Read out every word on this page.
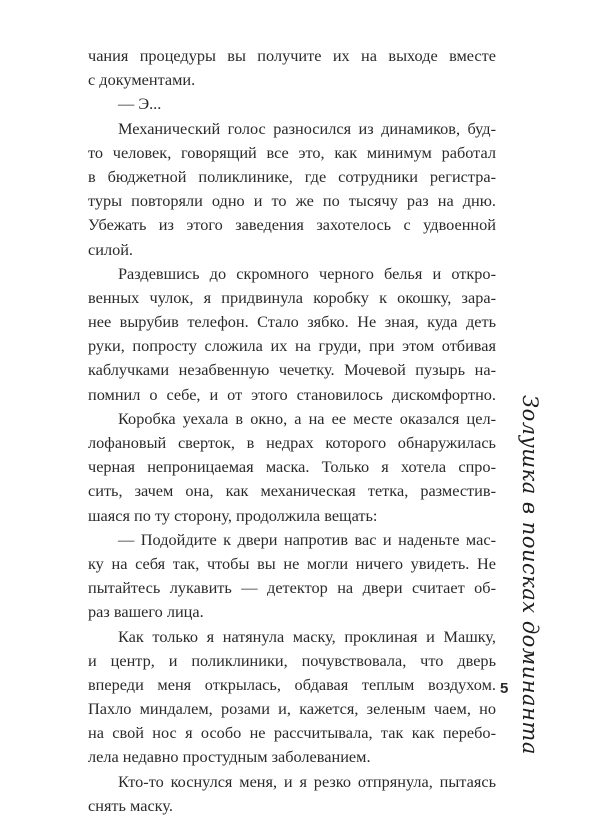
чания процедуры вы получите их на выходе вместе
с документами.
— Э...
Механический голос разносился из динамиков, буд-
то человек, говорящий все это, как минимум работал
в бюджетной поликлинике, где сотрудники регистра-
туры повторяли одно и то же по тысячу раз на дню.
Убежать из этого заведения захотелось с удвоенной
силой.
Раздевшись до скромного черного белья и откро-
венных чулок, я придвинула коробку к окошку, зара-
нее вырубив телефон. Стало зябко. Не зная, куда деть
руки, попросту сложила их на груди, при этом отбивая
каблучками незабвенную чечетку. Мочевой пузырь на-
помнил о себе, и от этого становилось дискомфортно.
Коробка уехала в окно, а на ее месте оказался цел-
лофановый сверток, в недрах которого обнаружилась
черная непроницаемая маска. Только я хотела спро-
сить, зачем она, как механическая тетка, разместив-
шаяся по ту сторону, продолжила вещать:
— Подойдите к двери напротив вас и наденьте мас-
ку на себя так, чтобы вы не могли ничего увидеть. Не
пытайтесь лукавить — детектор на двери считает об-
раз вашего лица.
Как только я натянула маску, проклиная и Машку,
и центр, и поликлиники, почувствовала, что дверь
впереди меня открылась, обдавая теплым воздухом.
Пахло миндалем, розами и, кажется, зеленым чаем, но
на свой нос я особо не рассчитывала, так как перебо-
лела недавно простудным заболеванием.
Кто-то коснулся меня, и я резко отпрянула, пытаясь
снять маску.
Золушка в поисках доминанта
5
